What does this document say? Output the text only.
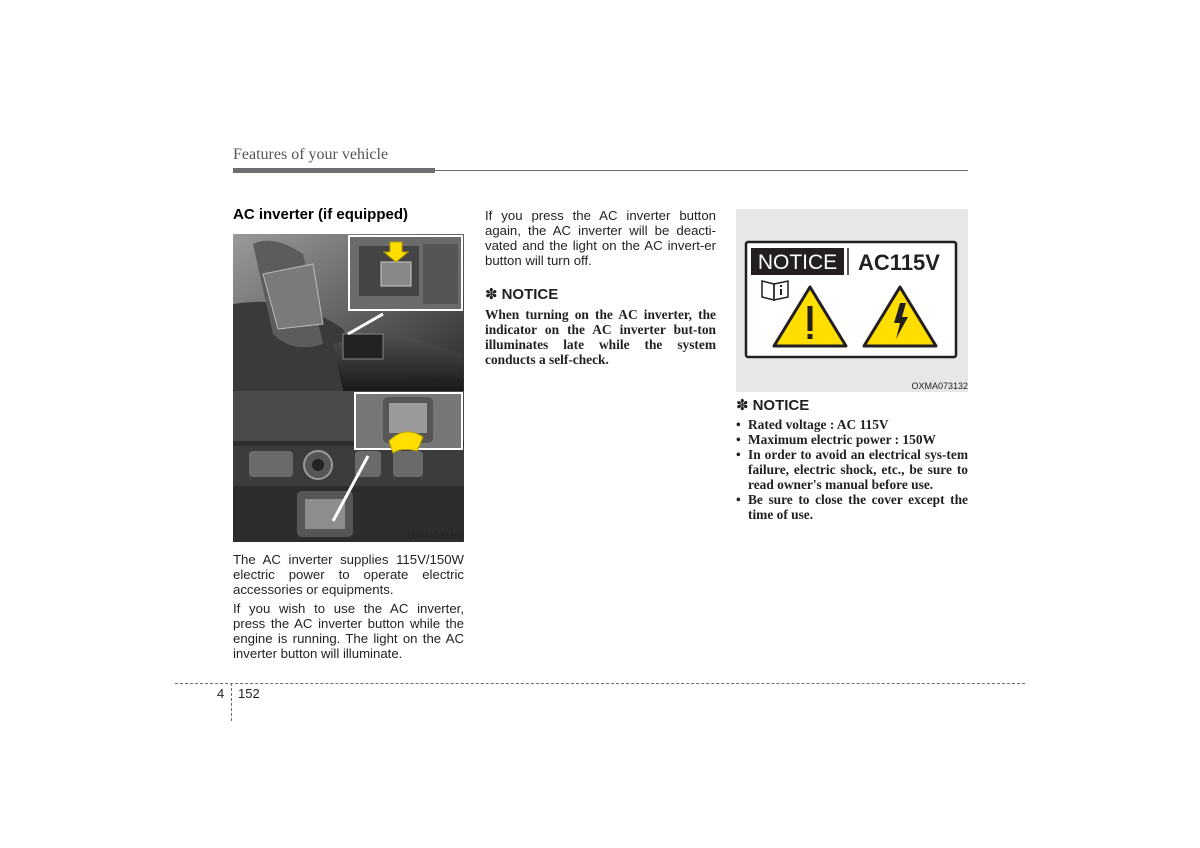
Features of your vehicle
AC inverter (if equipped)
OXMA043400
OXMA043402

The AC inverter supplies 115V/150W electric power to operate electric accessories or equipments.

If you wish to use the AC inverter, press the AC inverter button while the engine is running. The light on the AC inverter button will illuminate.

If you press the AC inverter button again, the AC inverter will be deacti-vated and the light on the AC invert-er button will turn off.

✽ NOTICE

When turning on the AC inverter, the indicator on the AC inverter but-ton illuminates late while the system conducts a self-check.

NOTICE AC115V
OXMA073132
✽ NOTICE
• Rated voltage : AC 115V
• Maximum electric power : 150W
• In order to avoid an electrical sys-tem failure, electric shock, etc., be sure to read owner's manual before use.
• Be sure to close the cover except the time of use.
4 152
